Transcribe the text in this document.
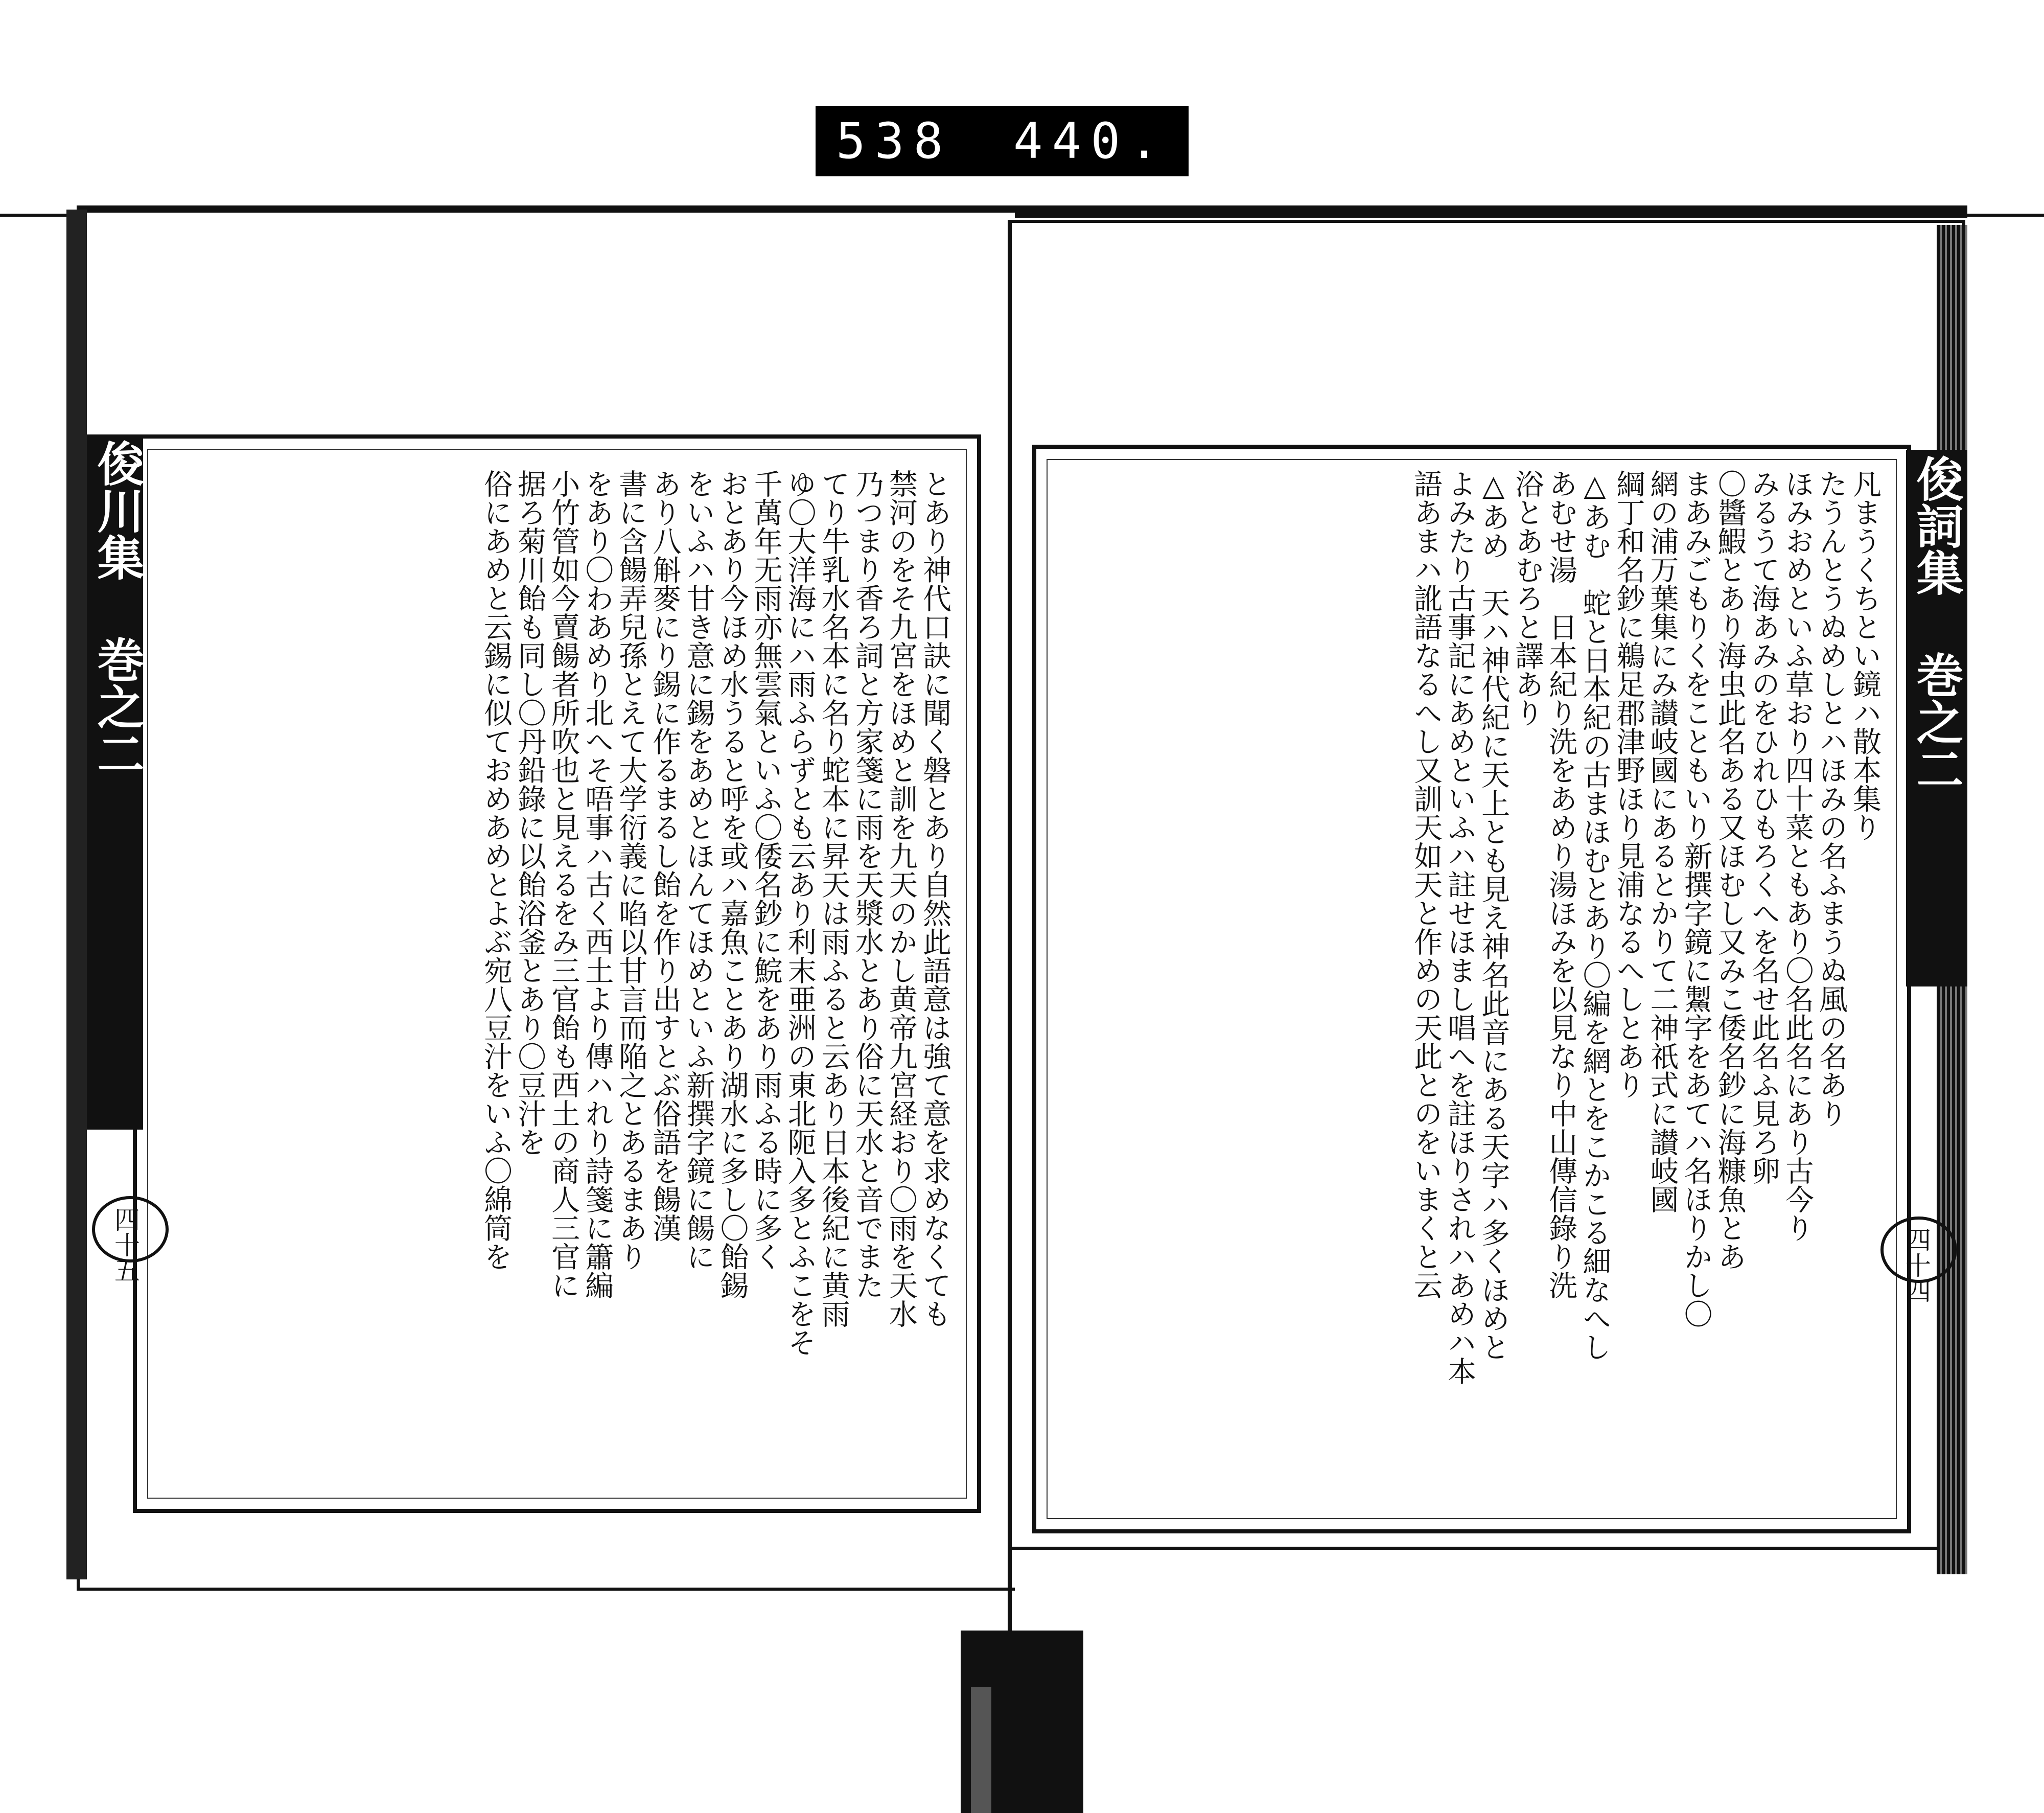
538 440.

とあり神代口訣に聞く磐とあり自然此語意は強て意を求めなくても

禁河のをそ九宮をほめと訓を九天のかし黄帝九宮経おり〇雨を天水

乃つまり香ろ詞と方家箋に雨を天漿水とあり俗に天水と音でまた

てり牛乳水名本に名り蛇本に昇天は雨ふると云あり日本後紀に黄雨

ゆ〇大洋海にハ雨ふらずとも云あり利末亜洲の東北阨入多とふこをそ

千萬年无雨亦無雲氣といふ〇倭名鈔に鯇をあり雨ふる時に多く

おとあり今ほめ水うると呼を或ハ嘉魚ことあり湖水に多し〇飴錫

をいふハ甘き意に錫をあめとほんてほめといふ新撰字鏡に餳に

あり八斛麥にり錫に作るまるし飴を作り出すとぶ俗語を餳漢

書に含餳弄兒孫とえて大学衍義に啗以甘言而陥之とあるまあり

をあり〇わあめり北へそ唔事ハ古く西土より傳ハれり詩箋に簫編

小竹管如今賣餳者所吹也と見えるをみ三官飴も西土の商人三官に

据ろ菊川飴も同し〇丹鉛錄に以飴浴釜とあり〇豆汁を

俗にあめと云錫に似ておめあめとよぶ宛八豆汁をいふ〇綿筒を

俊川集 巻之二
四十五

凡まうくちとい鏡ハ散本集り

たうんとうぬめしとハほみの名ふまうぬ風の名あり

ほみおめといふ草おり四十菜ともあり〇名此名にあり古今り

みるうて海あみのをひれひもろくへを名せ此名ふ見ろ卵

〇醬鰕とあり海虫此名ある又ほむし又みこ倭名鈔に海糠魚とあ

まあみごもりくをこともいり新撰字鏡に䱥字をあてハ名ほりかし〇

網の浦万葉集にみ讃岐國にあるとかりて二神祇式に讃岐國

綱丁和名鈔に鵜足郡津野ほり見浦なるへしとあり

△あむ　蛇と日本紀の古まほむとあり〇編を網とをこかこる細なへし

あむせ湯　日本紀り洗をあめり湯ほみを以見なり中山傳信錄り洗

浴とあむろと譯あり

△あめ　天ハ神代紀に天上とも見え神名此音にある天字ハ多くほめと

よみたり古事記にあめといふハ註せほまし唱へを註ほりされハあめハ本

語あまハ訛語なるへし又訓天如天と作めの天此とのをいまくと云	俊詞集 巻之二
四十四
